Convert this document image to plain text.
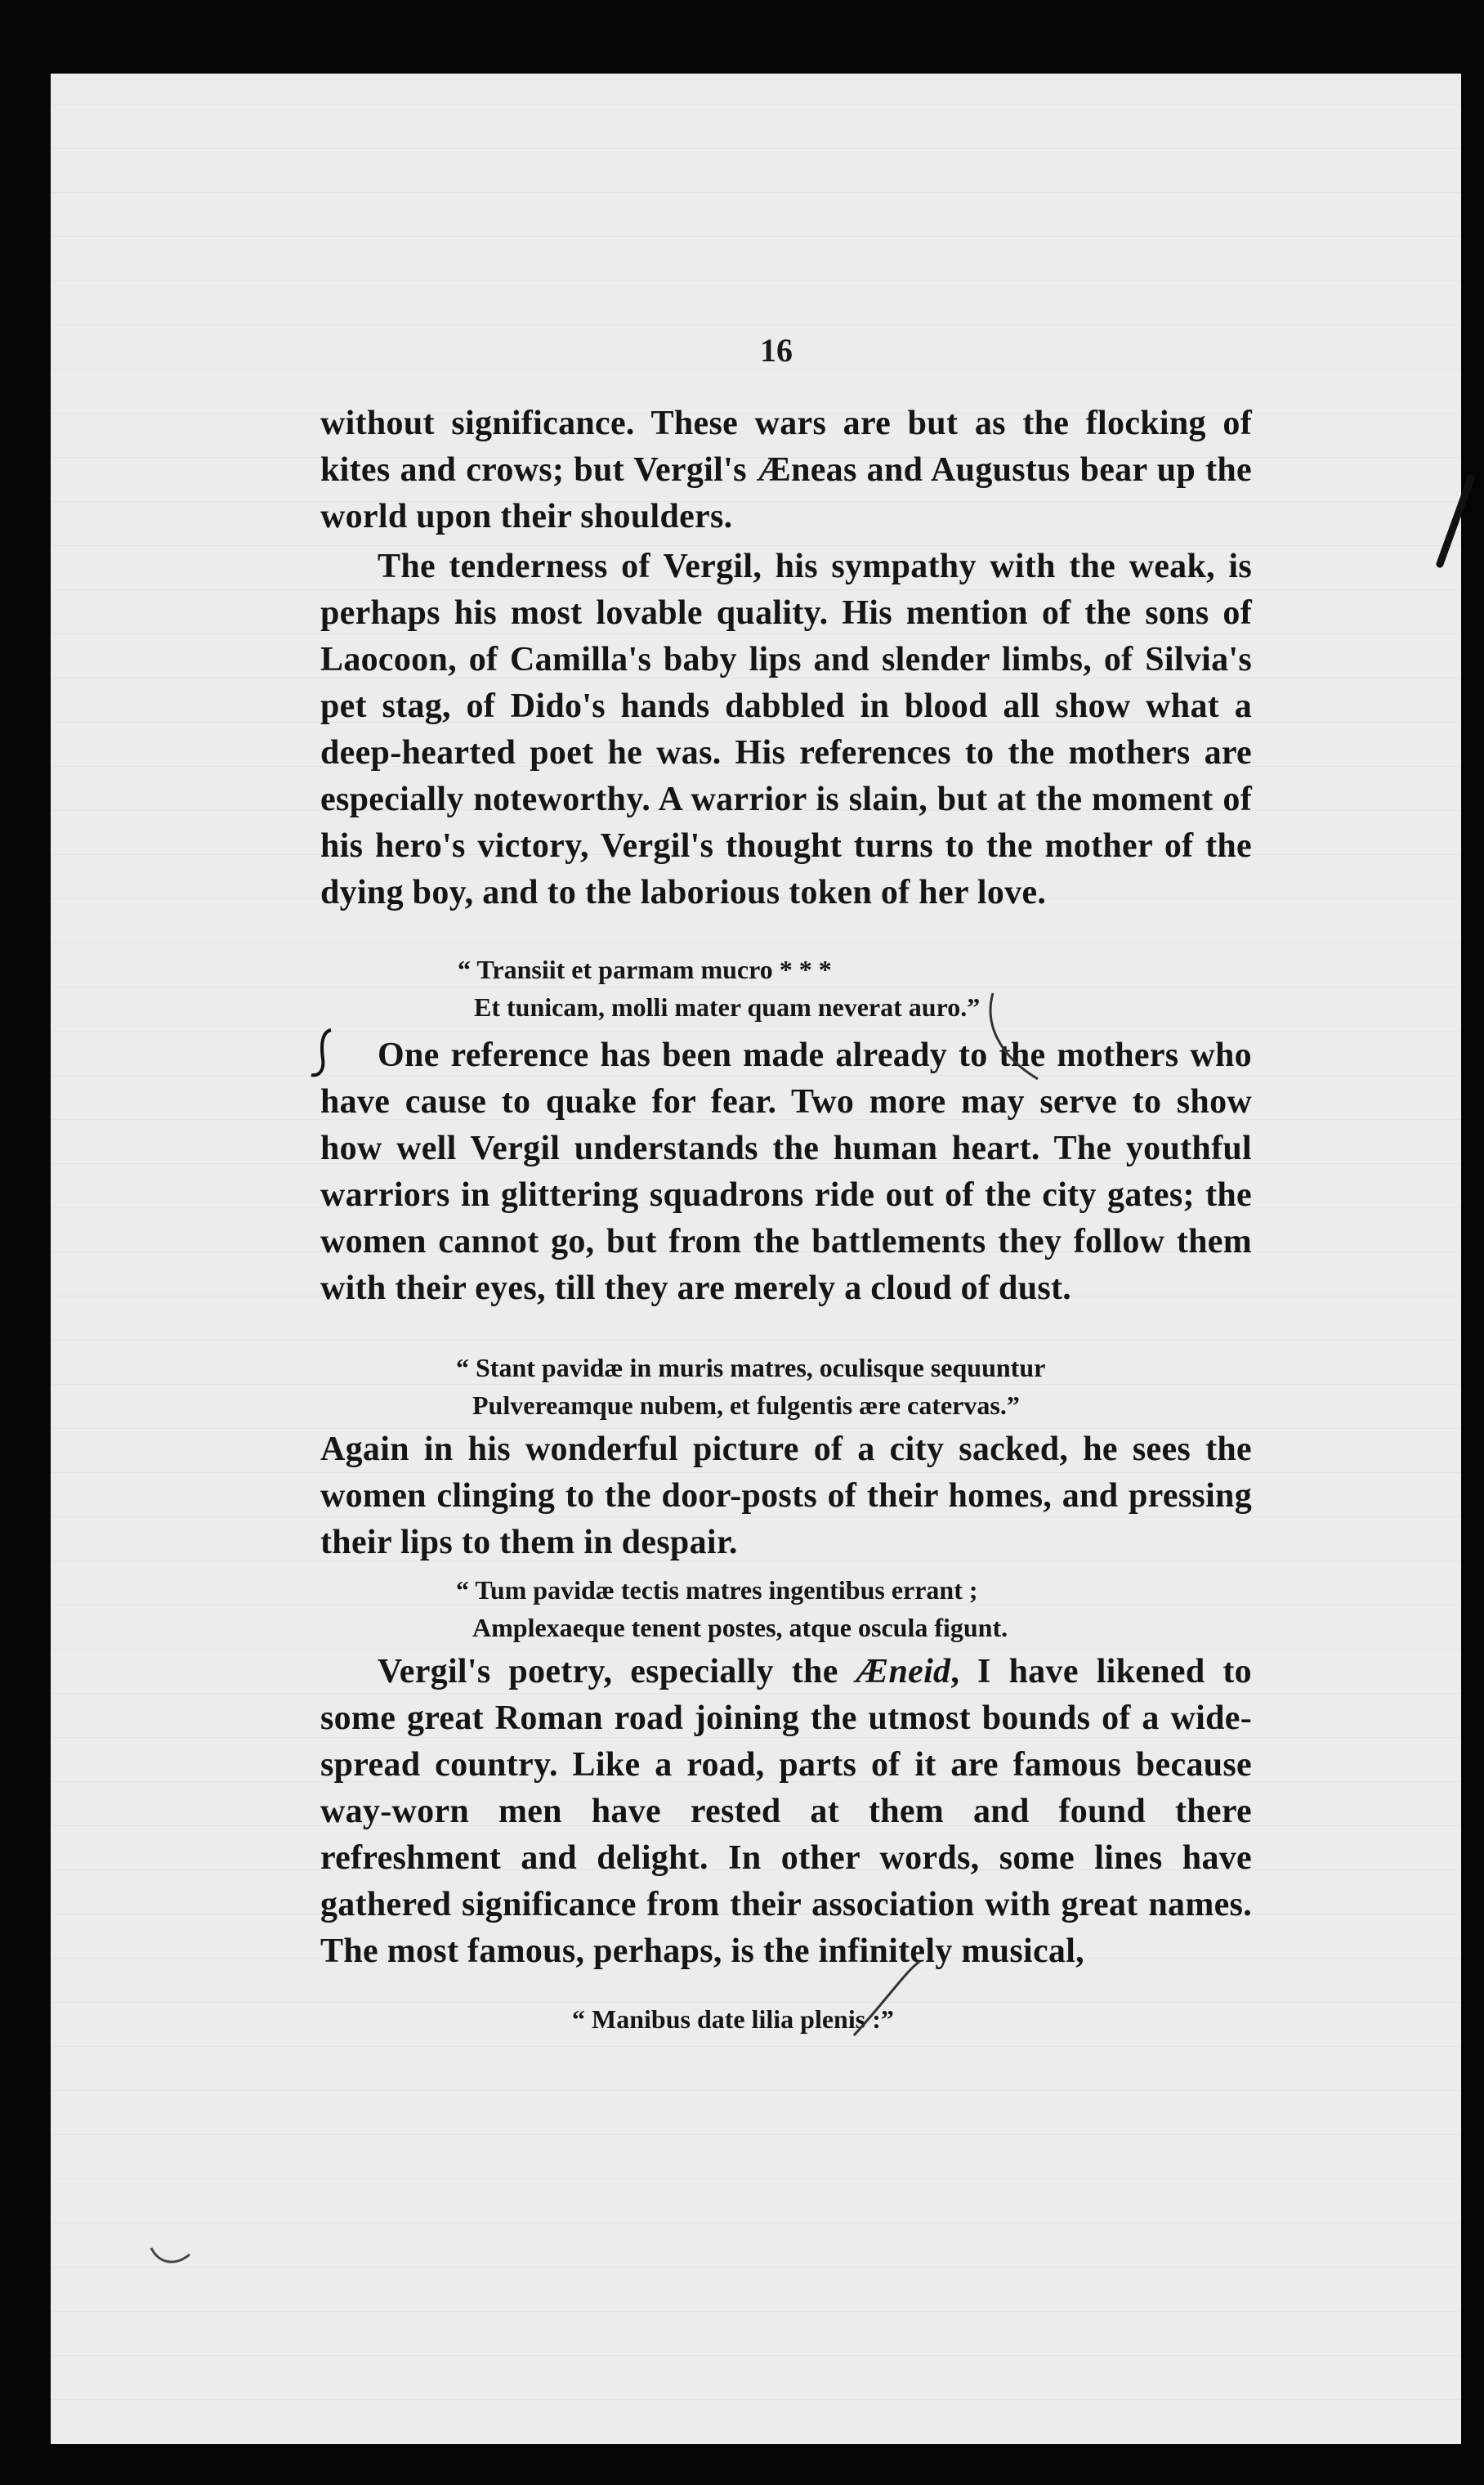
16

without significance. These wars are but as the flocking of kites and crows; but Vergil's Æneas and Augustus bear up the world upon their shoulders.

The tenderness of Vergil, his sympathy with the weak, is perhaps his most lovable quality. His mention of the sons of Laocoon, of Camilla's baby lips and slender limbs, of Silvia's pet stag, of Dido's hands dabbled in blood all show what a deep-hearted poet he was. His references to the mothers are especially noteworthy. A warrior is slain, but at the moment of his hero's victory, Vergil's thought turns to the mother of the dying boy, and to the laborious token of her love.

“ Transiit et parmam mucro * * *
Et tunicam, molli mater quam neverat auro.”

One reference has been made already to the mothers who have cause to quake for fear. Two more may serve to show how well Vergil understands the human heart. The youthful warriors in glittering squadrons ride out of the city gates; the women cannot go, but from the battlements they follow them with their eyes, till they are merely a cloud of dust.

“ Stant pavidæ in muris matres, oculisque sequuntur
Pulvereamque nubem, et fulgentis ære catervas.”

Again in his wonderful picture of a city sacked, he sees the women clinging to the door-posts of their homes, and pressing their lips to them in despair.

“ Tum pavidæ tectis matres ingentibus errant ;
Amplexaeque tenent postes, atque oscula figunt.

Vergil's poetry, especially the Æneid, I have likened to some great Roman road joining the utmost bounds of a wide-spread country. Like a road, parts of it are famous because way-worn men have rested at them and found there refreshment and delight. In other words, some lines have gathered significance from their association with great names. The most famous, perhaps, is the infinitely musical,

“ Manibus date lilia plenis :”
